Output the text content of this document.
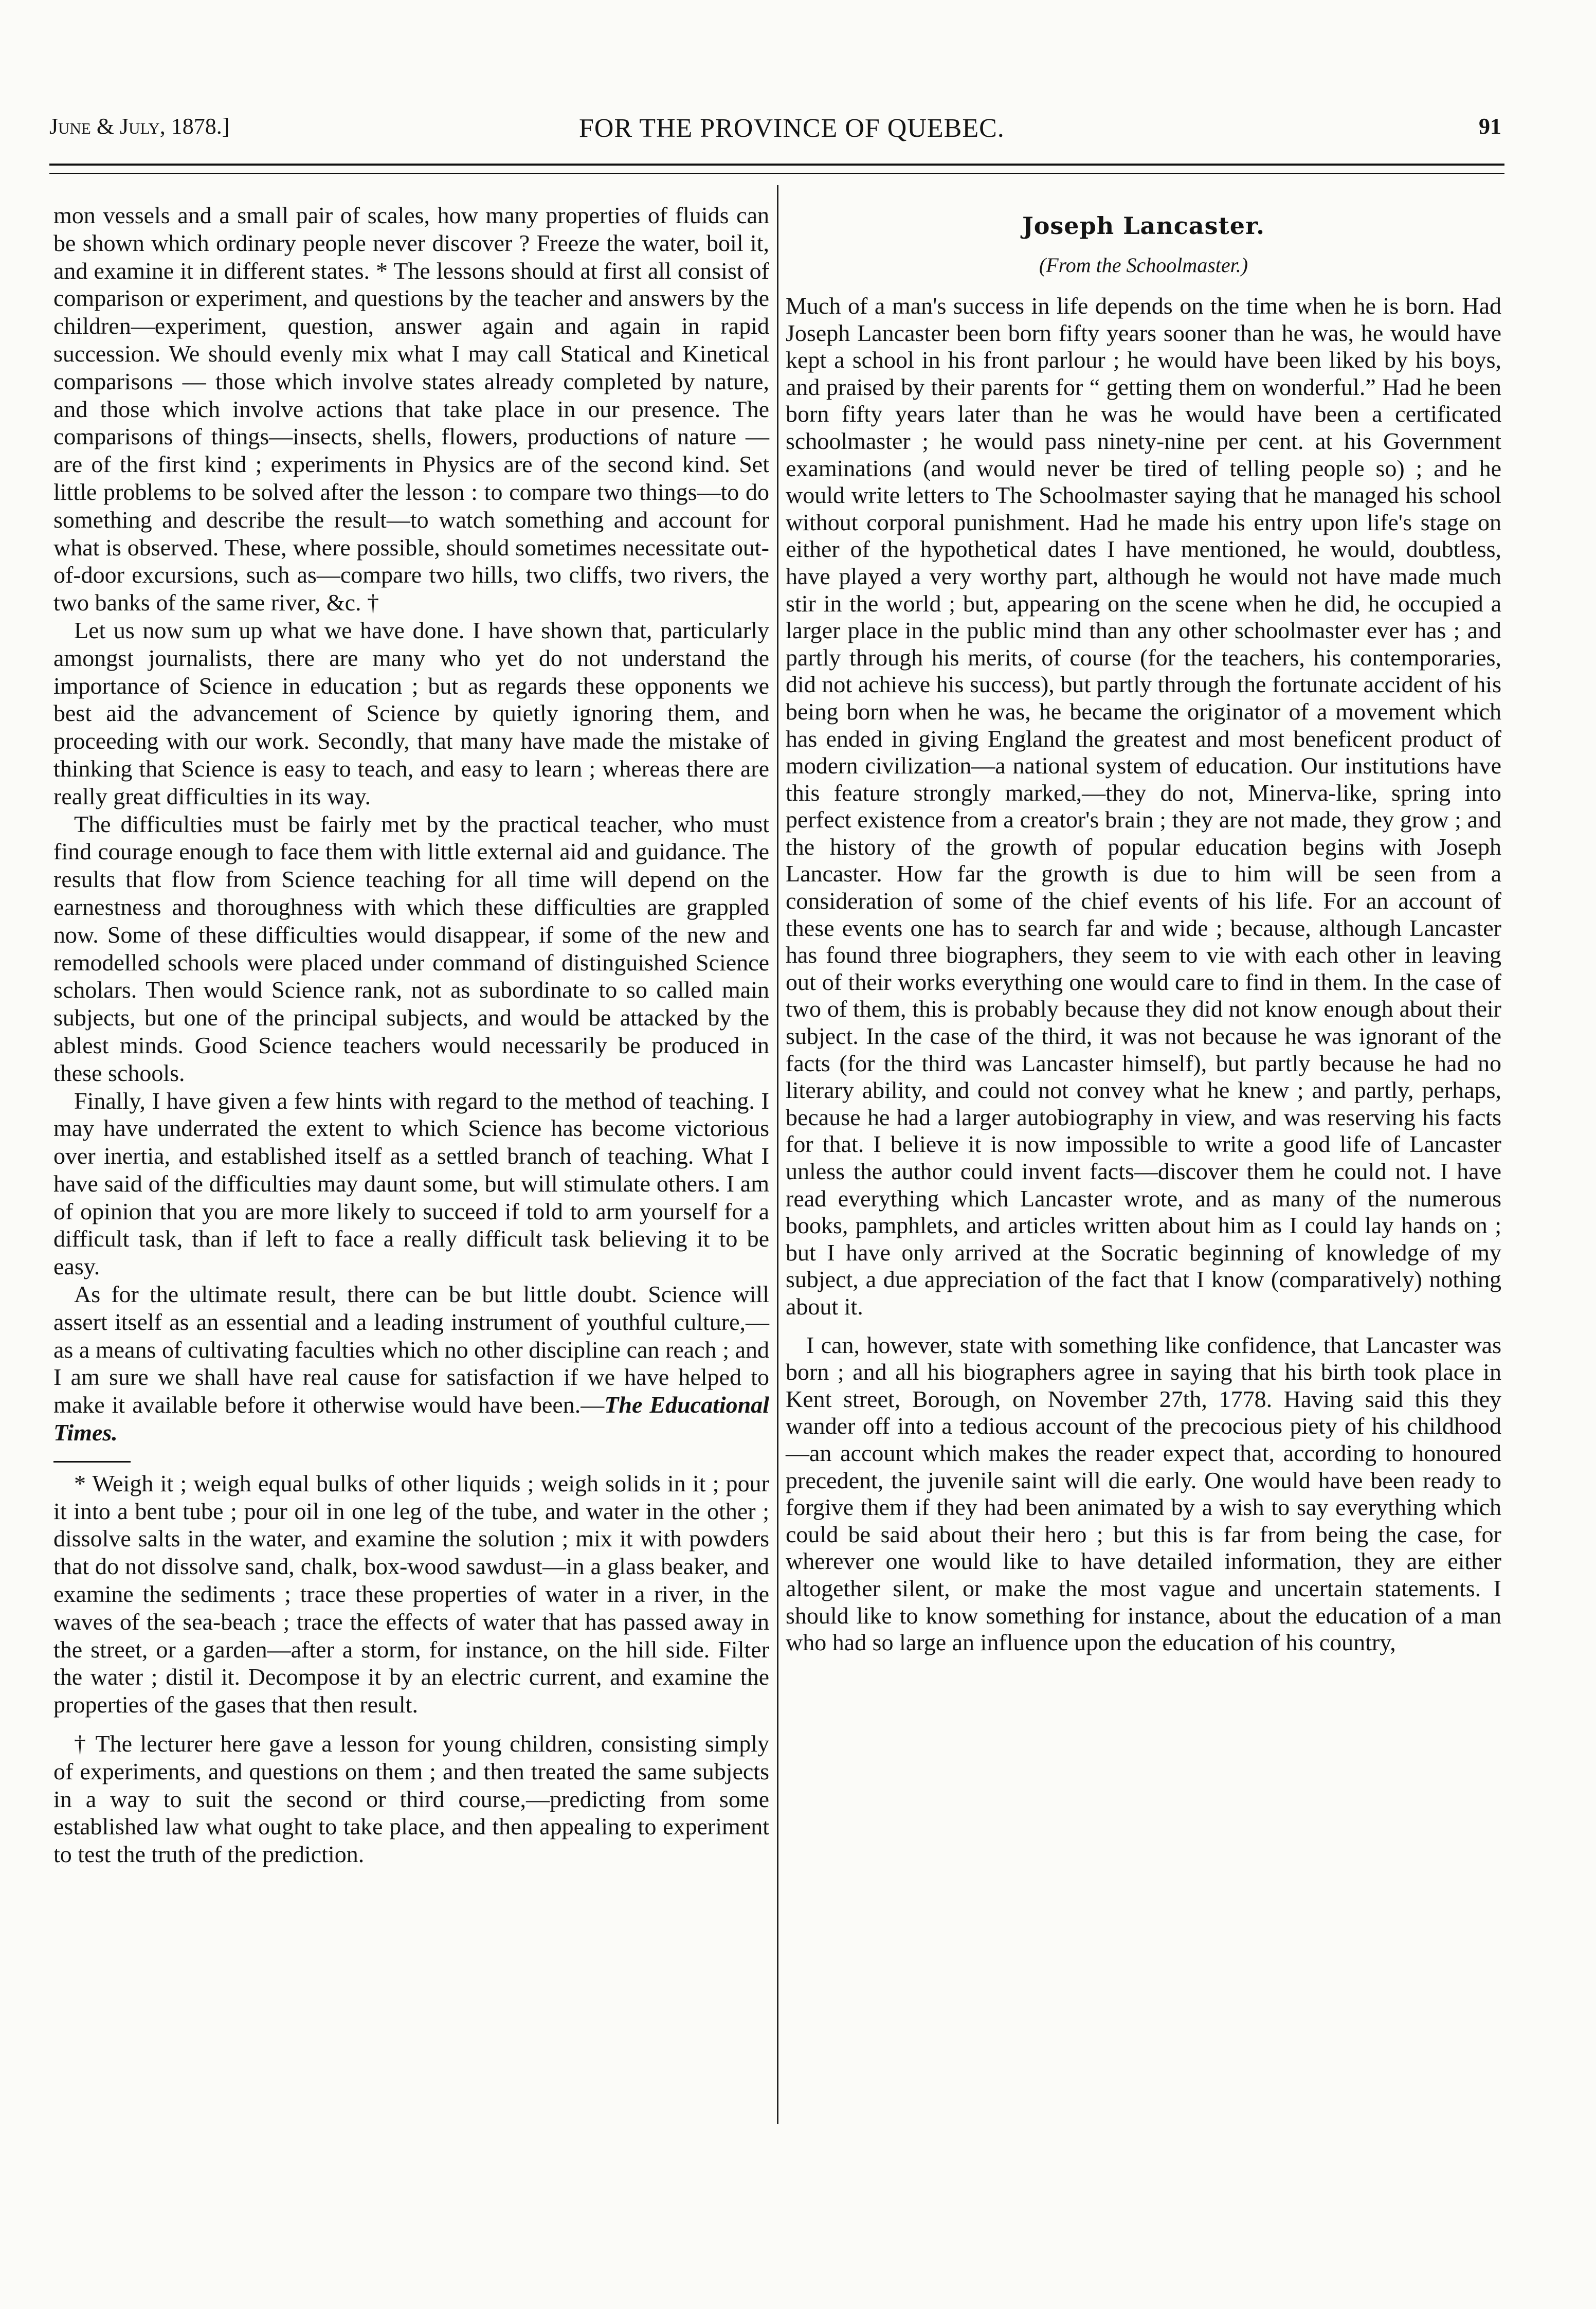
June & July, 1878.]	FOR THE PROVINCE OF QUEBEC.	91

mon vessels and a small pair of scales, how many properties of fluids can be shown which ordinary people never discover ? Freeze the water, boil it, and examine it in different states. * The lessons should at first all consist of comparison or experiment, and questions by the teacher and answers by the children—experiment, question, answer again and again in rapid succession. We should evenly mix what I may call Statical and Kinetical comparisons — those which involve states already completed by nature, and those which involve actions that take place in our presence. The comparisons of things—insects, shells, flowers, productions of nature —are of the first kind ; experiments in Physics are of the second kind. Set little problems to be solved after the lesson : to compare two things—to do something and describe the result—to watch something and account for what is observed. These, where possible, should sometimes necessitate out-of-door excursions, such as—compare two hills, two cliffs, two rivers, the two banks of the same river, &c. †

Let us now sum up what we have done. I have shown that, particularly amongst journalists, there are many who yet do not understand the importance of Science in education ; but as regards these opponents we best aid the advancement of Science by quietly ignoring them, and proceeding with our work. Secondly, that many have made the mistake of thinking that Science is easy to teach, and easy to learn ; whereas there are really great difficulties in its way.

The difficulties must be fairly met by the practical teacher, who must find courage enough to face them with little external aid and guidance. The results that flow from Science teaching for all time will depend on the earnestness and thoroughness with which these difficulties are grappled now. Some of these difficulties would disappear, if some of the new and remodelled schools were placed under command of distinguished Science scholars. Then would Science rank, not as subordinate to so called main subjects, but one of the principal subjects, and would be attacked by the ablest minds. Good Science teachers would necessarily be produced in these schools.

Finally, I have given a few hints with regard to the method of teaching. I may have underrated the extent to which Science has become victorious over inertia, and established itself as a settled branch of teaching. What I have said of the difficulties may daunt some, but will stimulate others. I am of opinion that you are more likely to succeed if told to arm yourself for a difficult task, than if left to face a really difficult task believing it to be easy.

As for the ultimate result, there can be but little doubt. Science will assert itself as an essential and a leading instrument of youthful culture,—as a means of cultivating faculties which no other discipline can reach ; and I am sure we shall have real cause for satisfaction if we have helped to make it available before it otherwise would have been.—The Educational Times.

* Weigh it ; weigh equal bulks of other liquids ; weigh solids in it ; pour it into a bent tube ; pour oil in one leg of the tube, and water in the other ; dissolve salts in the water, and examine the solution ; mix it with powders that do not dissolve sand, chalk, box-wood sawdust—in a glass beaker, and examine the sediments ; trace these properties of water in a river, in the waves of the sea-beach ; trace the effects of water that has passed away in the street, or a garden—after a storm, for instance, on the hill side. Filter the water ; distil it. Decompose it by an electric current, and examine the properties of the gases that then result.

† The lecturer here gave a lesson for young children, consisting simply of experiments, and questions on them ; and then treated the same subjects in a way to suit the second or third course,—predicting from some established law what ought to take place, and then appealing to experiment to test the truth of the prediction.

Joseph Lancaster.
(From the Schoolmaster.)

Much of a man's success in life depends on the time when he is born. Had Joseph Lancaster been born fifty years sooner than he was, he would have kept a school in his front parlour ; he would have been liked by his boys, and praised by their parents for “ getting them on wonderful.” Had he been born fifty years later than he was he would have been a certificated schoolmaster ; he would pass ninety-nine per cent. at his Government examinations (and would never be tired of telling people so) ; and he would write letters to The Schoolmaster saying that he managed his school without corporal punishment. Had he made his entry upon life's stage on either of the hypothetical dates I have mentioned, he would, doubtless, have played a very worthy part, although he would not have made much stir in the world ; but, appearing on the scene when he did, he occupied a larger place in the public mind than any other schoolmaster ever has ; and partly through his merits, of course (for the teachers, his contemporaries, did not achieve his success), but partly through the fortunate accident of his being born when he was, he became the originator of a movement which has ended in giving England the greatest and most beneficent product of modern civilization—a national system of education. Our institutions have this feature strongly marked,—they do not, Minerva-like, spring into perfect existence from a creator's brain ; they are not made, they grow ; and the history of the growth of popular education begins with Joseph Lancaster. How far the growth is due to him will be seen from a consideration of some of the chief events of his life. For an account of these events one has to search far and wide ; because, although Lancaster has found three biographers, they seem to vie with each other in leaving out of their works everything one would care to find in them. In the case of two of them, this is probably because they did not know enough about their subject. In the case of the third, it was not because he was ignorant of the facts (for the third was Lancaster himself), but partly because he had no literary ability, and could not convey what he knew ; and partly, perhaps, because he had a larger autobiography in view, and was reserving his facts for that. I believe it is now impossible to write a good life of Lancaster unless the author could invent facts—discover them he could not. I have read everything which Lancaster wrote, and as many of the numerous books, pamphlets, and articles written about him as I could lay hands on ; but I have only arrived at the Socratic beginning of knowledge of my subject, a due appreciation of the fact that I know (comparatively) nothing about it.

I can, however, state with something like confidence, that Lancaster was born ; and all his biographers agree in saying that his birth took place in Kent street, Borough, on November 27th, 1778. Having said this they wander off into a tedious account of the precocious piety of his childhood—an account which makes the reader expect that, according to honoured precedent, the juvenile saint will die early. One would have been ready to forgive them if they had been animated by a wish to say everything which could be said about their hero ; but this is far from being the case, for wherever one would like to have detailed information, they are either altogether silent, or make the most vague and uncertain statements. I should like to know something for instance, about the education of a man who had so large an influence upon the education of his country,
